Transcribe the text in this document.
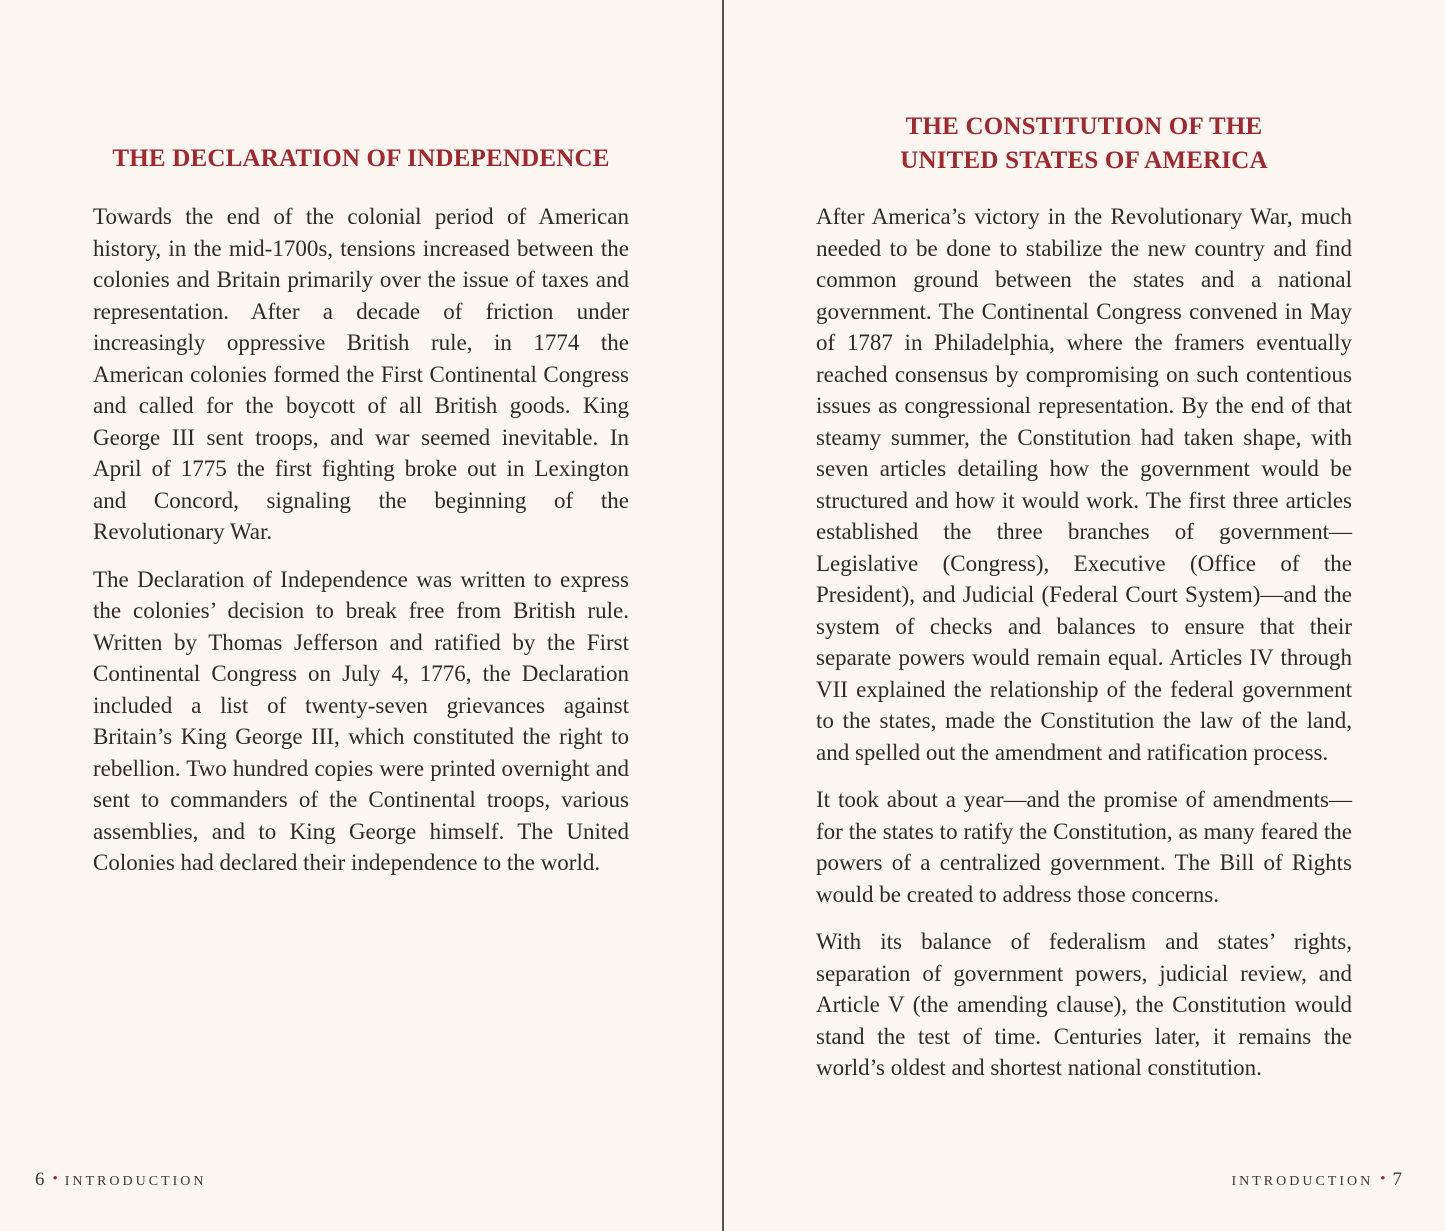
THE DECLARATION OF INDEPENDENCE

Towards the end of the colonial period of American history, in the mid-1700s, tensions increased between the colonies and Britain primarily over the issue of taxes and representation. After a decade of friction under increasingly oppressive British rule, in 1774 the American colonies formed the First Continental Congress and called for the boycott of all British goods. King George III sent troops, and war seemed inevitable. In April of 1775 the first fighting broke out in Lexington and Concord, signaling the beginning of the Revolutionary War.

The Declaration of Independence was written to express the colonies’ decision to break free from British rule. Written by Thomas Jefferson and ratified by the First Continental Congress on July 4, 1776, the Declaration included a list of twenty-seven grievances against Britain’s King George III, which constituted the right to rebellion. Two hundred copies were printed overnight and sent to commanders of the Continental troops, various assemblies, and to King George himself. The United Colonies had declared their independence to the world.

6 • introduction
THE CONSTITUTION OF THE
UNITED STATES OF AMERICA

After America’s victory in the Revolutionary War, much needed to be done to stabilize the new country and find common ground between the states and a national government. The Continental Congress convened in May of 1787 in Philadelphia, where the framers eventually reached consensus by compromising on such contentious issues as congressional representation. By the end of that steamy summer, the Constitution had taken shape, with seven articles detailing how the government would be structured and how it would work. The first three articles established the three branches of government—Legislative (Congress), Executive (Office of the President), and Judicial (Federal Court System)—and the system of checks and balances to ensure that their separate powers would remain equal. Articles IV through VII explained the relationship of the federal government to the states, made the Constitution the law of the land, and spelled out the amendment and ratification process.

It took about a year—and the promise of amendments—for the states to ratify the Constitution, as many feared the powers of a centralized government. The Bill of Rights would be created to address those concerns.

With its balance of federalism and states’ rights, separation of government powers, judicial review, and Article V (the amending clause), the Constitution would stand the test of time. Centuries later, it remains the world’s oldest and shortest national constitution.

introduction • 7
